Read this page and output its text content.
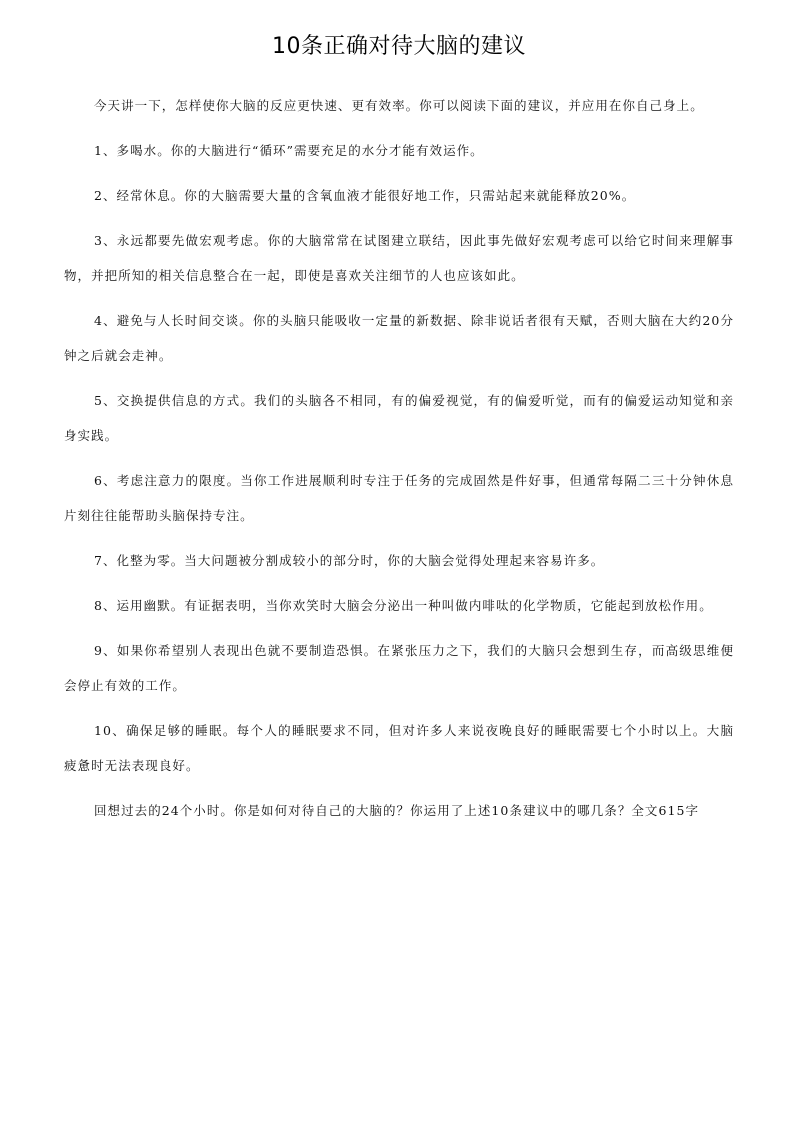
10条正确对待大脑的建议

今天讲一下，怎样使你大脑的反应更快速、更有效率。你可以阅读下面的建议，并应用在你自己身上。

1、多喝水。你的大脑进行“循环”需要充足的水分才能有效运作。

2、经常休息。你的大脑需要大量的含氧血液才能很好地工作，只需站起来就能释放20%。

3、永远都要先做宏观考虑。你的大脑常常在试图建立联结，因此事先做好宏观考虑可以给它时间来理解事物，并把所知的相关信息整合在一起，即使是喜欢关注细节的人也应该如此。

4、避免与人长时间交谈。你的头脑只能吸收一定量的新数据、除非说话者很有天赋，否则大脑在大约20分钟之后就会走神。

5、交换提供信息的方式。我们的头脑各不相同，有的偏爱视觉，有的偏爱听觉，而有的偏爱运动知觉和亲身实践。

6、考虑注意力的限度。当你工作进展顺利时专注于任务的完成固然是件好事，但通常每隔二三十分钟休息片刻往往能帮助头脑保持专注。

7、化整为零。当大问题被分割成较小的部分时，你的大脑会觉得处理起来容易许多。

8、运用幽默。有证据表明，当你欢笑时大脑会分泌出一种叫做内啡呔的化学物质，它能起到放松作用。

9、如果你希望别人表现出色就不要制造恐惧。在紧张压力之下，我们的大脑只会想到生存，而高级思维便会停止有效的工作。

10、确保足够的睡眠。每个人的睡眠要求不同，但对许多人来说夜晚良好的睡眠需要七个小时以上。大脑疲惫时无法表现良好。

回想过去的24个小时。你是如何对待自己的大脑的？你运用了上述10条建议中的哪几条？全文615字
